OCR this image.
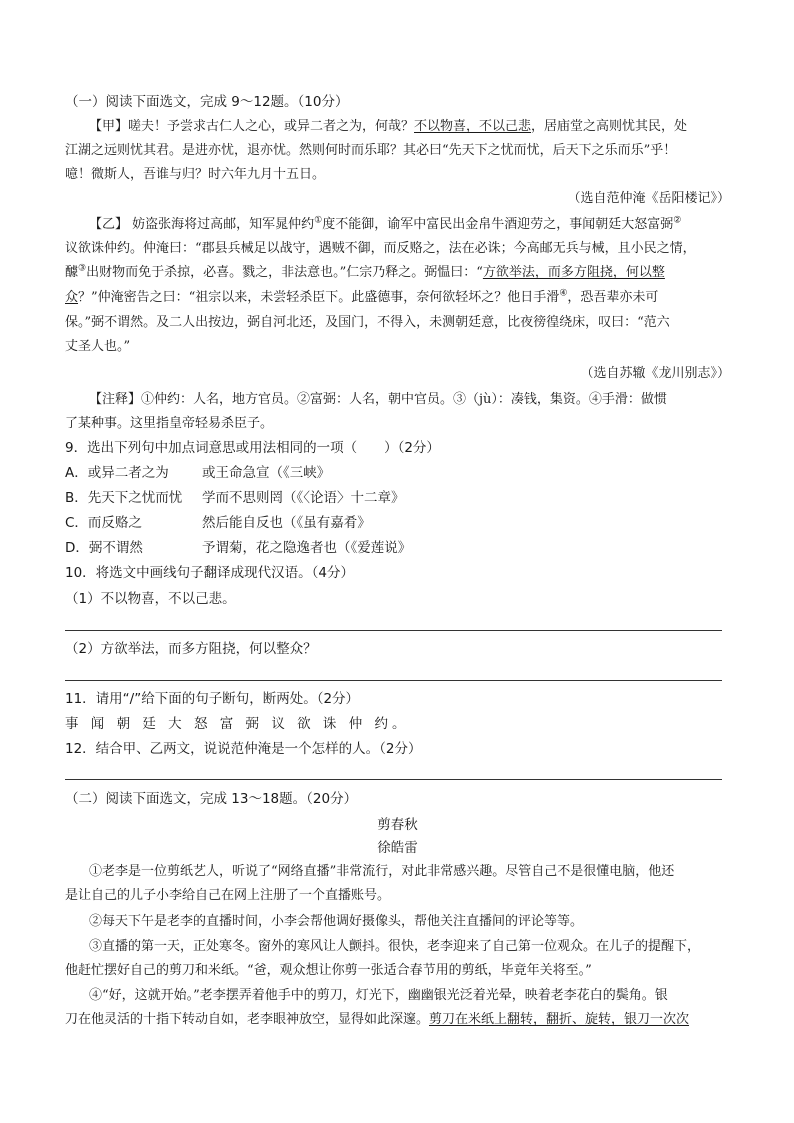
（一）阅读下面选文，完成 9～12题。（10分）
【甲】嗟夫！予尝求古仁人之心，或异二者之为，何哉？不以物喜，不以己悲，居庙堂之高则忧其民，处
江湖之远则忧其君。是进亦忧，退亦忧。然则何时而乐耶？其必曰“先天下之忧而忧，后天下之乐而乐”乎！
噫！微斯人，吾谁与归？时六年九月十五日。
（选自范仲淹《岳阳楼记》）
【乙】 妨盗张海将过高邮，知军晁仲约①度不能御，谕军中富民出金帛牛酒迎劳之，事闻朝廷大怒富弼②
议欲诛仲约。仲淹曰：“郡县兵械足以战守，遇贼不御，而反赂之，法在必诛；今高邮无兵与械，且小民之情，
醵③出财物而免于杀掠，必喜。戮之，非法意也。”仁宗乃释之。弼愠曰：“方欲举法，而多方阻挠，何以整
众？”仲淹密告之曰：“祖宗以来，未尝轻杀臣下。此盛德事，奈何欲轻坏之？他日手滑④，恐吾辈亦未可
保。”弼不谓然。及二人出按边，弼自河北还，及国门，不得入，未测朝廷意，比夜徬徨绕床，叹曰：“范六
丈圣人也。”
（选自苏辙《龙川别志》）
【注释】①仲约：人名，地方官员。②富弼：人名，朝中官员。③（jù）：凑钱，集资。④手滑：做惯
了某种事。这里指皇帝轻易杀臣子。
9．选出下列句中加点词意思或用法相同的一项（　　）（2分）
A．或异二者之为 或王命急宣（《三峡》
B．先天下之忧而忧 学而不思则罔（《〈论语〉十二章》
C．而反赂之	然后能自反也（《虽有嘉肴》
D．弼不谓然	予谓菊，花之隐逸者也（《爱莲说》
10．将选文中画线句子翻译成现代汉语。（4分）
（1）不以物喜，不以己悲。
（2）方欲举法，而多方阻挠，何以整众？
11．请用“/”给下面的句子断句，断两处。（2分）
事 闻 朝 廷 大 怒 富 弼 议 欲 诛 仲 约。
12．结合甲、乙两文，说说范仲淹是一个怎样的人。（2分）
（二）阅读下面选文，完成 13～18题。（20分）
剪春秋
徐皓雷
①老李是一位剪纸艺人，听说了“网络直播”非常流行，对此非常感兴趣。尽管自己不是很懂电脑，他还
是让自己的儿子小李给自己在网上注册了一个直播账号。
②每天下午是老李的直播时间，小李会帮他调好摄像头，帮他关注直播间的评论等等。
③直播的第一天，正处寒冬。窗外的寒风让人颤抖。很快，老李迎来了自己第一位观众。在儿子的提醒下，
他赶忙摆好自己的剪刀和米纸。“爸，观众想让你剪一张适合春节用的剪纸，毕竟年关将至。”
④“好，这就开始。”老李摆弄着他手中的剪刀，灯光下，幽幽银光泛着光晕，映着老李花白的鬓角。银
刀在他灵活的十指下转动自如，老李眼神放空，显得如此深邃。剪刀在米纸上翻转，翻折、旋转，银刀一次次
